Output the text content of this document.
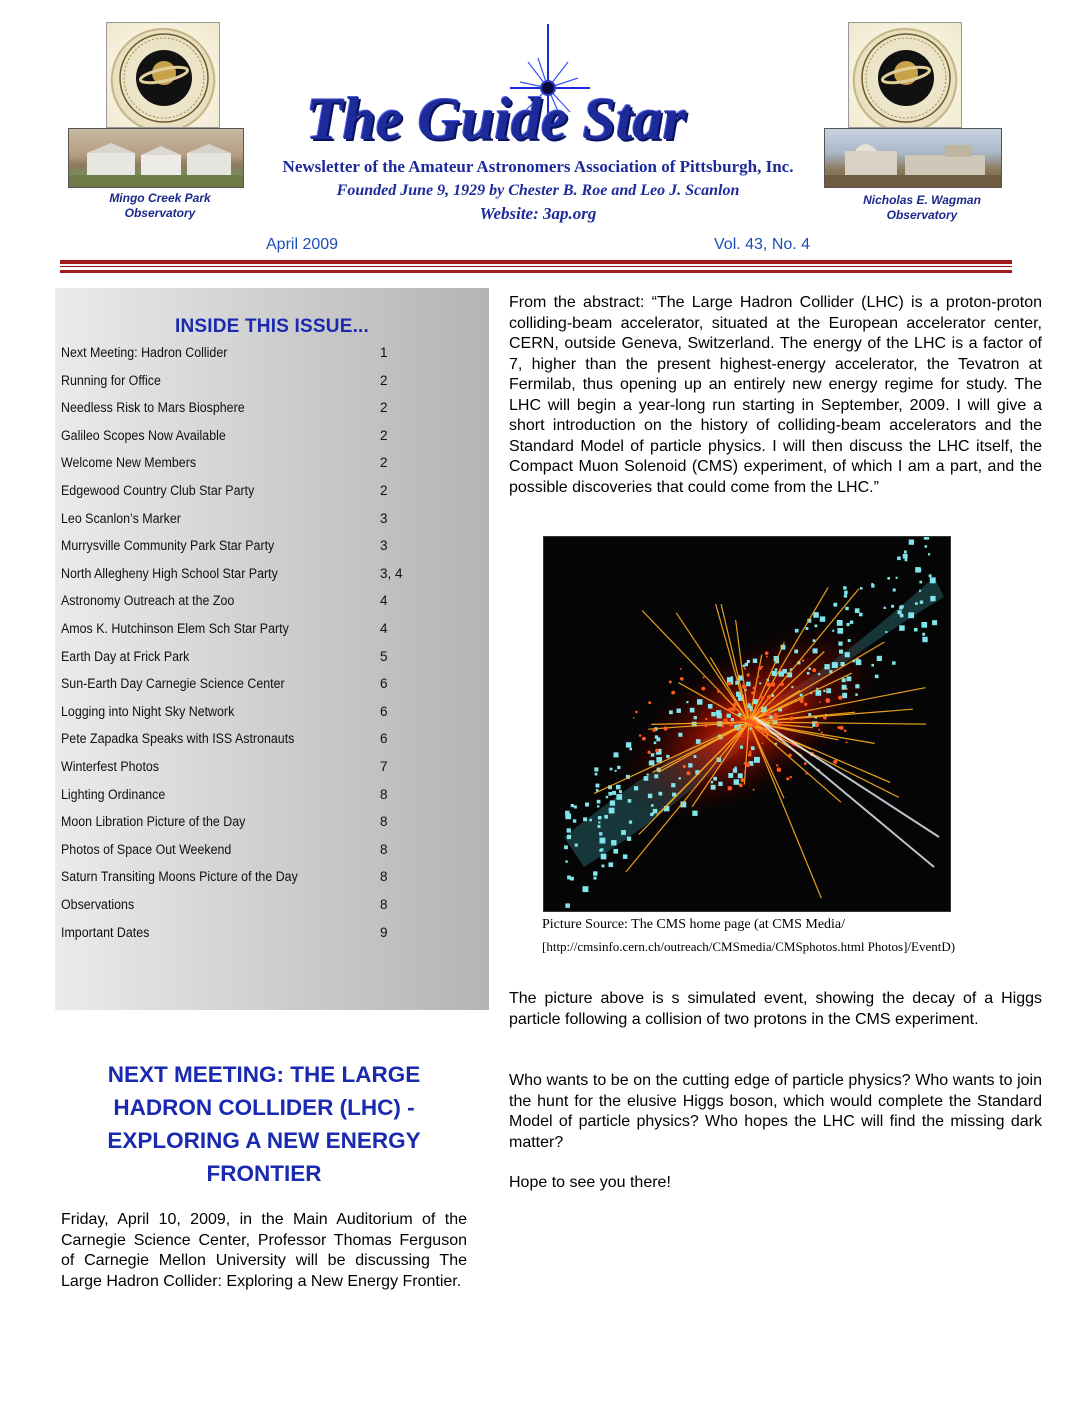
Mingo Creek Park Observatory
Nicholas E. Wagman Observatory
The Guide Star
Newsletter of the Amateur Astronomers Association of Pittsburgh, Inc.
Founded June 9, 1929 by Chester B. Roe and Leo J. Scanlon
Website: 3ap.org
April 2009	Vol. 43, No. 4
INSIDE THIS ISSUE...
Next Meeting: Hadron Collider	1
Running for Office	2
Needless Risk to Mars Biosphere	2
Galileo Scopes Now Available	2
Welcome New Members	2
Edgewood Country Club Star Party	2
Leo Scanlon’s Marker	3
Murrysville Community Park Star Party	3
North Allegheny High School Star Party	3, 4
Astronomy Outreach at the Zoo	4
Amos K. Hutchinson Elem Sch Star Party	4
Earth Day at Frick Park	5
Sun-Earth Day Carnegie Science Center	6
Logging into Night Sky Network	6
Pete Zapadka Speaks with ISS Astronauts	6
Winterfest Photos	7
Lighting Ordinance	8
Moon Libration Picture of the Day	8
Photos of Space Out Weekend	8
Saturn Transiting Moons Picture of the Day	8
Observations	8
Important Dates	9
NEXT MEETING: THE LARGE HADRON COLLIDER (LHC) - EXPLORING A NEW ENERGY FRONTIER
Friday, April 10, 2009, in the Main Auditorium of the Carnegie Science Center, Professor Thomas Ferguson of Carnegie Mellon University will be discussing The Large Hadron Collider: Exploring a New Energy Frontier.
From the abstract: “The Large Hadron Collider (LHC) is a proton-proton colliding-beam accelerator, situated at the European accelerator center, CERN, outside Geneva, Switzerland. The energy of the LHC is a factor of 7, higher than the present highest-energy accelerator, the Tevatron at Fermilab, thus opening up an entirely new energy regime for study. The LHC will begin a year-long run starting in September, 2009. I will give a short introduction on the history of colliding-beam accelerators and the Standard Model of particle physics. I will then discuss the LHC itself, the Compact Muon Solenoid (CMS) experiment, of which I am a part, and the possible discoveries that could come from the LHC.”
Picture Source: The CMS home page (at CMS Media/
[http://cmsinfo.cern.ch/outreach/CMSmedia/CMSphotos.html Photos]/EventD)
The picture above is s simulated event, showing the decay of a Higgs particle following a collision of two protons in the CMS experiment.
Who wants to be on the cutting edge of particle physics? Who wants to join the hunt for the elusive Higgs boson, which would complete the Standard Model of particle physics? Who hopes the LHC will find the missing dark matter?
Hope to see you there!
